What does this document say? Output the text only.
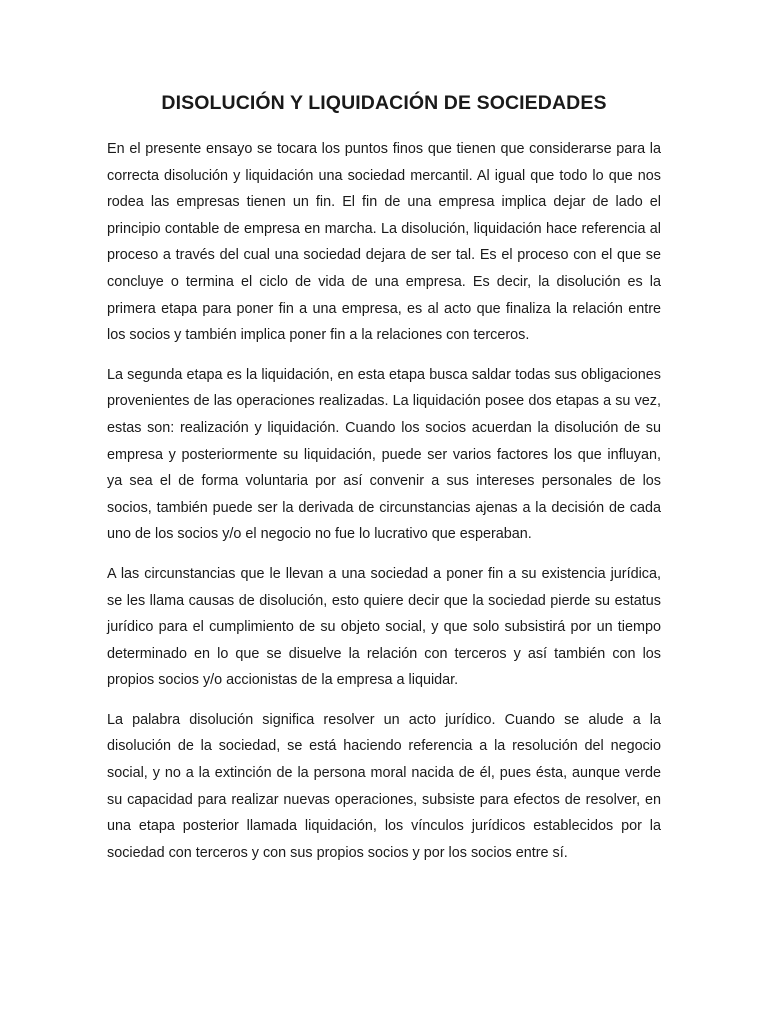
DISOLUCIÓN Y LIQUIDACIÓN DE SOCIEDADES

En el presente ensayo se tocara los puntos finos que tienen que considerarse para la correcta disolución y liquidación una sociedad mercantil. Al igual que todo lo que nos rodea las empresas tienen un fin. El fin de una empresa implica dejar de lado el principio contable de empresa en marcha. La disolución, liquidación hace referencia al proceso a través del cual una sociedad dejara de ser tal. Es el proceso con el que se concluye o termina el ciclo de vida de una empresa. Es decir, la disolución es la primera etapa para poner fin a una empresa, es al acto que finaliza la relación entre los socios y también implica poner fin a la relaciones con terceros.

La segunda etapa es la liquidación, en esta etapa busca saldar todas sus obligaciones provenientes de las operaciones realizadas. La liquidación posee dos etapas a su vez, estas son: realización y liquidación. Cuando los socios acuerdan la disolución de su empresa y posteriormente su liquidación, puede ser varios factores los que influyan, ya sea el de forma voluntaria por así convenir a sus intereses personales de los socios, también puede ser la derivada de circunstancias ajenas a la decisión de cada uno de los socios y/o el negocio no fue lo lucrativo que esperaban.

A las circunstancias que le llevan a una sociedad a poner fin a su existencia jurídica, se les llama causas de disolución, esto quiere decir que la sociedad pierde su estatus jurídico para el cumplimiento de su objeto social, y que solo subsistirá por un tiempo determinado en lo que se disuelve la relación con terceros y así también con los propios socios y/o accionistas de la empresa a liquidar.

La palabra disolución significa resolver un acto jurídico. Cuando se alude a la disolución de la sociedad, se está haciendo referencia a la resolución del negocio social, y no a la extinción de la persona moral nacida de él, pues ésta, aunque verde su capacidad para realizar nuevas operaciones, subsiste para efectos de resolver, en una etapa posterior llamada liquidación, los vínculos jurídicos establecidos por la sociedad con terceros y con sus propios socios y por los socios entre sí.
